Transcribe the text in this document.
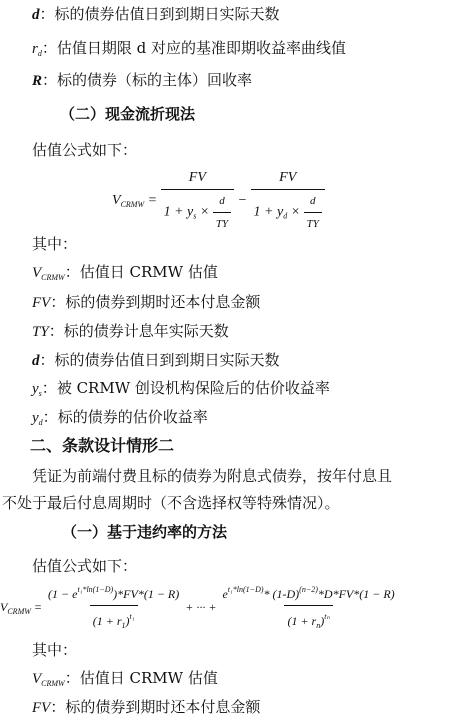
d：标的债券估值日到到期日实际天数
$r_d$：估值日期限 d 对应的基准即期收益率曲线值
R：标的债券（标的主体）回收率
（二）现金流折现法
估值公式如下：
$V_{CRMW} = \frac{FV}{1 + y_s \times \frac{d}{TY}} - \frac{FV}{1 + y_d \times \frac{d}{TY}}$
其中：
$V_{CRMW}$：估值日 CRMW 估值
FV：标的债券到期时还本付息金额
TY：标的债券计息年实际天数
d：标的债券估值日到到期日实际天数
$y_s$：被 CRMW 创设机构保险后的估价收益率
$y_d$：标的债券的估价收益率
二、条款设计情形二
凭证为前端付费且标的债券为附息式债券，按年付息且
不处于最后付息周期时（不含选择权等特殊情况）。
（一）基于违约率的方法
估值公式如下：
$V_{CRMW} = \frac{(1 - e^{t_1*ln(1-D)})*FV*(1 - R)}{(1 + r_1)^{t_1}}$ + ··· + $\frac{e^{t_1*ln(1-D)}* (1-D)^{(n-2)}*D*FV*(1 - R)}{(1 + r_n)^{t_n}}$
其中：
$V_{CRMW}$：估值日 CRMW 估值
FV：标的债券到期时还本付息金额
